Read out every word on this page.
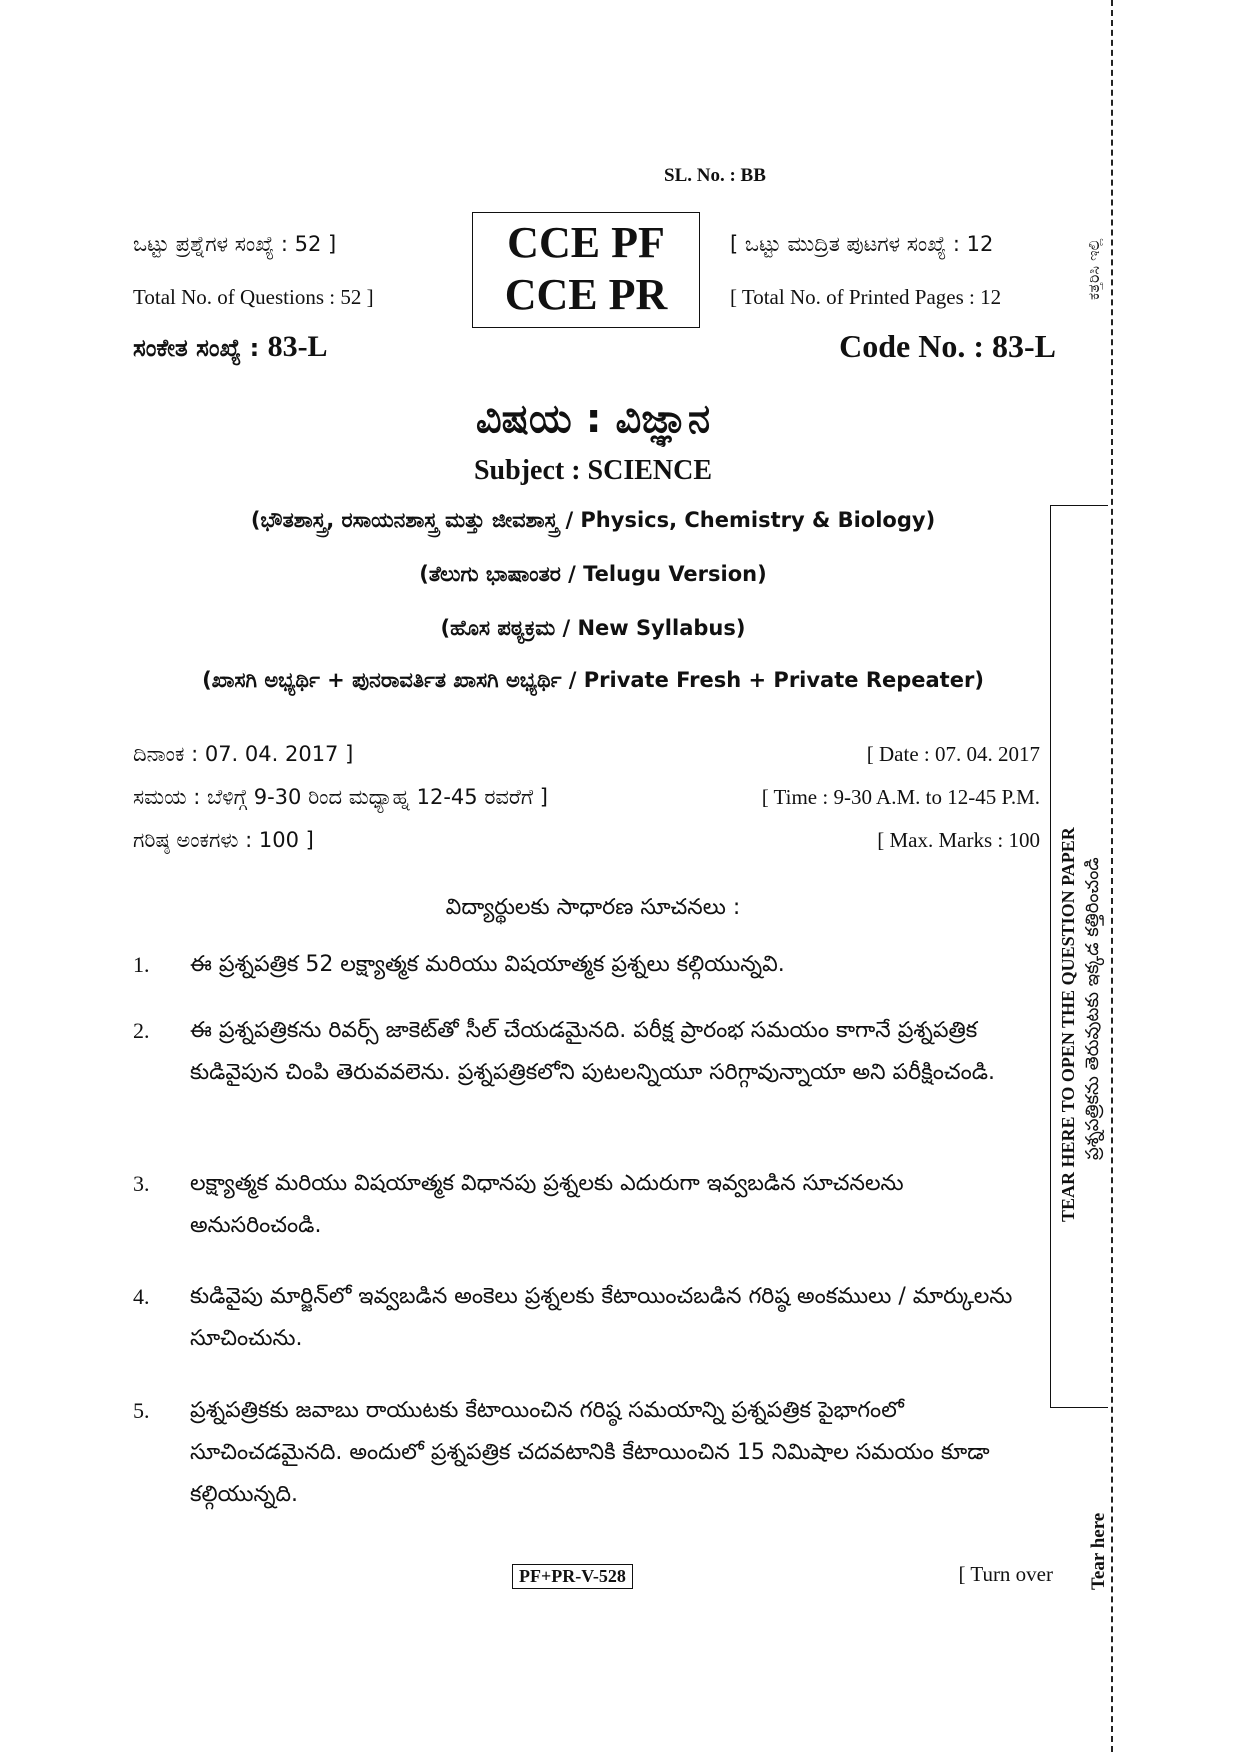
SL. No. : BB
ಒಟ್ಟು ಪ್ರಶ್ನೆಗಳ ಸಂಖ್ಯೆ : 52 ]
Total No. of Questions : 52 ]
CCE PF
CCE PR
[ ಒಟ್ಟು ಮುದ್ರಿತ ಪುಟಗಳ ಸಂಖ್ಯೆ : 12
[ Total No. of Printed Pages : 12
ಸಂಕೇತ ಸಂಖ್ಯೆ : 83-L	Code No. : 83-L
ವಿಷಯ : ವಿಜ್ಞಾನ
Subject : SCIENCE
(ಭೌತಶಾಸ್ತ್ರ, ರಸಾಯನಶಾಸ್ತ್ರ ಮತ್ತು ಜೀವಶಾಸ್ತ್ರ / Physics, Chemistry & Biology)
(ತೆಲುಗು ಭಾಷಾಂತರ / Telugu Version)
(ಹೊಸ ಪಠ್ಯಕ್ರಮ / New Syllabus)
(ಖಾಸಗಿ ಅಭ್ಯರ್ಥಿ + ಪುನರಾವರ್ತಿತ ಖಾಸಗಿ ಅಭ್ಯರ್ಥಿ / Private Fresh + Private Repeater)
ದಿನಾಂಕ : 07. 04. 2017 ]	[ Date : 07. 04. 2017
ಸಮಯ : ಬೆಳಿಗ್ಗೆ 9-30 ರಿಂದ ಮಧ್ಯಾಹ್ನ 12-45 ರವರೆಗೆ ]	[ Time : 9-30 A.M. to 12-45 P.M.
ಗರಿಷ್ಠ ಅಂಕಗಳು : 100 ]	[ Max. Marks : 100
విద్యార్థులకు సాధారణ సూచనలు :
1.	ఈ ప్రశ్నపత్రిక 52 లక్ష్యాత్మక మరియు విషయాత్మక ప్రశ్నలు కల్గియున్నవి.
2.	ఈ ప్రశ్నపత్రికను రివర్స్ జాకెట్‌తో సీల్ చేయడమైనది. పరీక్ష ప్రారంభ సమయం కాగానే ప్రశ్నపత్రిక కుడివైపున చింపి తెరువవలెను. ప్రశ్నపత్రికలోని పుటలన్నియూ సరిగ్గావున్నాయా అని పరీక్షించండి.
3.	లక్ష్యాత్మక మరియు విషయాత్మక విధానపు ప్రశ్నలకు ఎదురుగా ఇవ్వబడిన సూచనలను అనుసరించండి.
4.	కుడివైపు మార్జిన్‌లో ఇవ్వబడిన అంకెలు ప్రశ్నలకు కేటాయించబడిన గరిష్ఠ అంకములు / మార్కులను సూచించును.
5.	ప్రశ్నపత్రికకు జవాబు రాయుటకు కేటాయించిన గరిష్ఠ సమయాన్ని ప్రశ్నపత్రిక పైభాగంలో సూచించడమైనది. అందులో ప్రశ్నపత్రిక చదవటానికి కేటాయించిన 15 నిమిషాల సమయం కూడా కల్గియున్నది.
PF+PR-V-528	[ Turn over
TEAR HERE TO OPEN THE QUESTION PAPER ప్రశ్నపత్రికను తెరువుటకు ఇక్కడ కత్తిరించండి
ಕತ್ತರಿಸಿ ಇಲ್ಲಿ
Tear here
